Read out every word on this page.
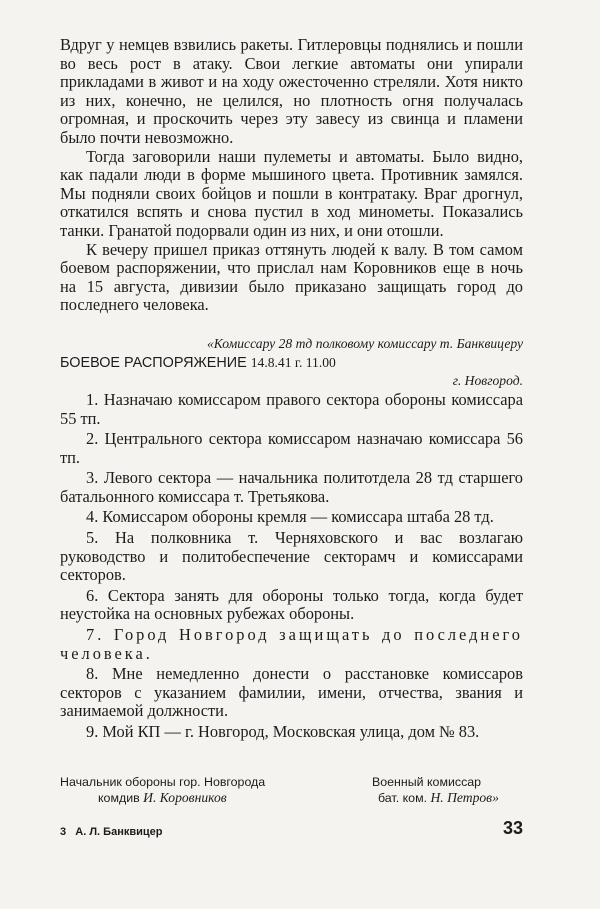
Вдруг у немцев взвились ракеты. Гитлеровцы поднялись и пошли во весь рост в атаку. Свои легкие автоматы они упирали прикладами в живот и на ходу ожесточенно стреляли. Хотя никто из них, конечно, не целился, но плотность огня получалась огромная, и проскочить через эту завесу из свинца и пламени было почти невозможно.

Тогда заговорили наши пулеметы и автоматы. Было видно, как падали люди в форме мышиного цвета. Противник замялся. Мы подняли своих бойцов и пошли в контратаку. Враг дрогнул, откатился вспять и снова пустил в ход минометы. Показались танки. Гранатой подорвали один из них, и они отошли.

К вечеру пришел приказ оттянуть людей к валу. В том самом боевом распоряжении, что прислал нам Коровников еще в ночь на 15 августа, дивизии было приказано защищать город до последнего человека.

«Комиссару 28 тд полковому комиссару т. Банквицеру
БОЕВОЕ РАСПОРЯЖЕНИЕ 14.8.41 г. 11.00
г. Новгород.
1. Назначаю комиссаром правого сектора обороны комиссара 55 тп.
2. Центрального сектора комиссаром назначаю комиссара 56 тп.
3. Левого сектора — начальника политотдела 28 тд старшего батальонного комиссара т. Третьякова.
4. Комиссаром обороны кремля — комиссара штаба 28 тд.
5. На полковника т. Черняховского и вас возлагаю руководство и политобеспечение секторамч и комиссарами секторов.
6. Сектора занять для обороны только тогда, когда будет неустойка на основных рубежах обороны.
7. Город Новгород защищать до последнего человека.
8. Мне немедленно донести о расстановке комиссаров секторов с указанием фамилии, имени, отчества, звания и занимаемой должности.
9. Мой КП — г. Новгород, Московская улица, дом № 83.
Начальник обороны гор. Новгорода
комдив И. Коровников
Военный комиссар
бат. ком. Н. Петров»
3   А. Л. Банквицер	33
